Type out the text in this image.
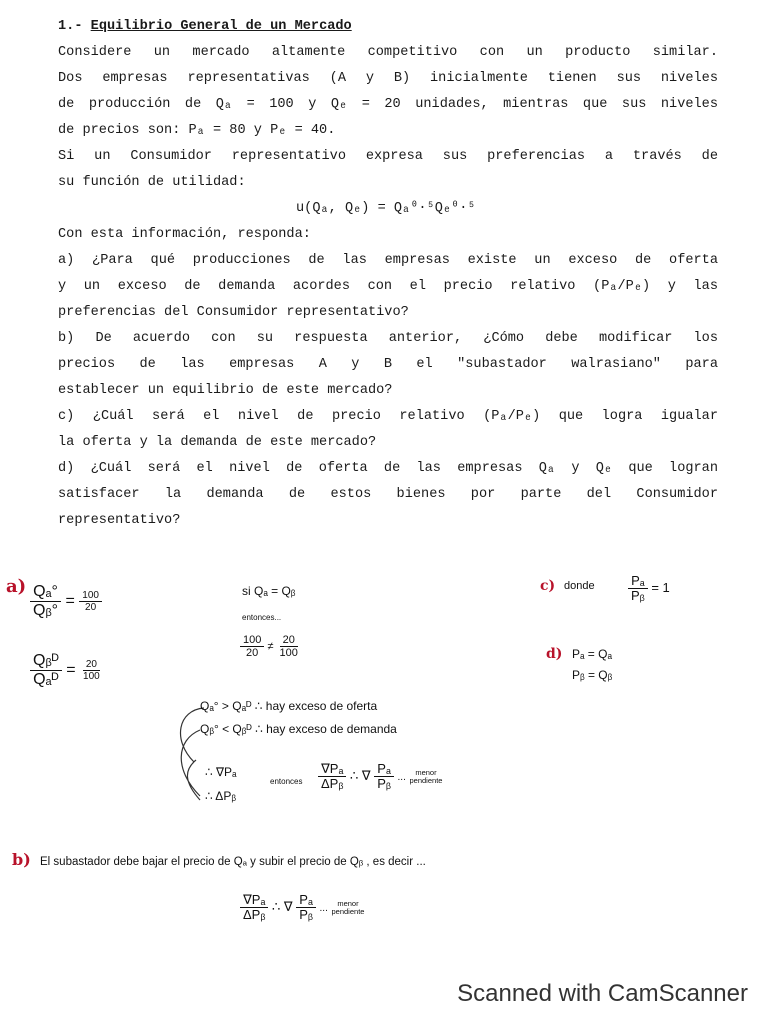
1.- Equilibrio General de un Mercado
Considere un mercado altamente competitivo con un producto similar.
Dos empresas representativas (A y B) inicialmente tienen sus niveles
de producción de Qₐ = 100 y Qₑ = 20 unidades, mientras que sus niveles
de precios son: Pₐ = 80 y Pₑ = 40.
Si un Consumidor representativo expresa sus preferencias a través de
su función de utilidad:
u(Qₐ, Qₑ) = Qₐ⁰·⁵Qₑ⁰·⁵
Con esta información, responda:
a) ¿Para qué producciones de las empresas existe un exceso de oferta
y un exceso de demanda acordes con el precio relativo (Pₐ/Pₑ) y las
preferencias del Consumidor representativo?
b) De acuerdo con su respuesta anterior, ¿Cómo debe modificar los
precios de las empresas A y B el "subastador walrasiano" para
establecer un equilibrio de este mercado?
c) ¿Cuál será el nivel de precio relativo (Pₐ/Pₑ) que logra igualar
la oferta y la demanda de este mercado?
d) ¿Cuál será el nivel de oferta de las empresas Qₐ y Qₑ que logran
satisfacer la demanda de estos bienes por parte del Consumidor
representativo?
$a) \frac{\text{Qₐ°}}{\text{Qᵦ°}} = \frac{100}{20}$
$\frac{\text{Qᵦᴰ}}{\text{Qₐᴰ}} = \frac{20}{100}$
si Qₐ = Qᵦ
entonces...
$\frac{100}{20} \ne \frac{20}{100}$
Qₐ° > Qₐᴰ ∴ hay exceso de oferta
Qᵦ° < Qᵦᴰ ∴ hay exceso de demanda
∴ ∇Pₐ
∴ ΔPᵦ
entonces $\frac{\text{∇Pₐ}}{\text{ΔPᵦ}}$ ∴ ∇ $\frac{\text{Pₐ}}{\text{Pᵦ}}$ ... menor
pendiente
c) donde	$\frac{\text{Pₐ}}{\text{Pᵦ}} = 1$
d) Pₐ = Qₐ
Pᵦ = Qᵦ
b) El subastador debe bajar el precio de Qₐ y subir el precio de Qᵦ , es decir ...
$\frac{\text{∇Pₐ}}{\text{ΔPᵦ}}$ ∴ ∇ $\frac{\text{Pₐ}}{\text{Pᵦ}}$ ... menor
pendiente
Scanned with CamScanner
